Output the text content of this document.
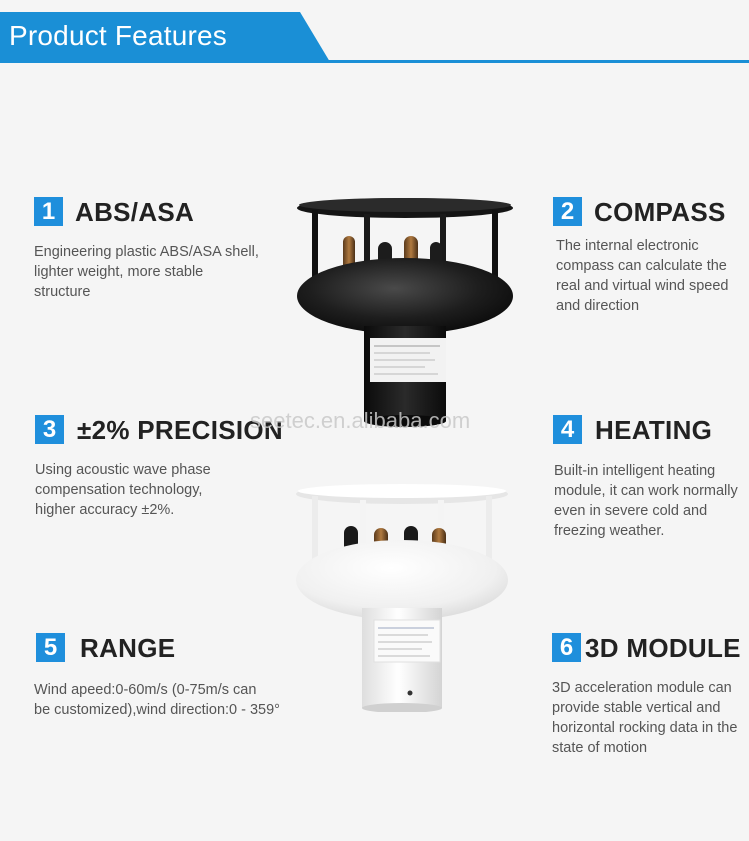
Product Features
1 ABS/ASA
Engineering plastic ABS/ASA shell,
lighter weight, more stable
structure
2 COMPASS
The internal electronic
compass can calculate the
real and virtual wind speed
and direction
3 ±2% PRECISION
Using acoustic wave phase
compensation technology,
higher accuracy ±2%.
4 HEATING
Built-in intelligent heating
module, it can work normally
even in severe cold and
freezing weather.
5 RANGE
Wind apeed:0-60m/s (0-75m/s can
be customized),wind direction:0 - 359°
6 3D MODULE
3D acceleration module can
provide stable vertical and
horizontal rocking data in the
state of motion
seetec.en.alibaba.com
